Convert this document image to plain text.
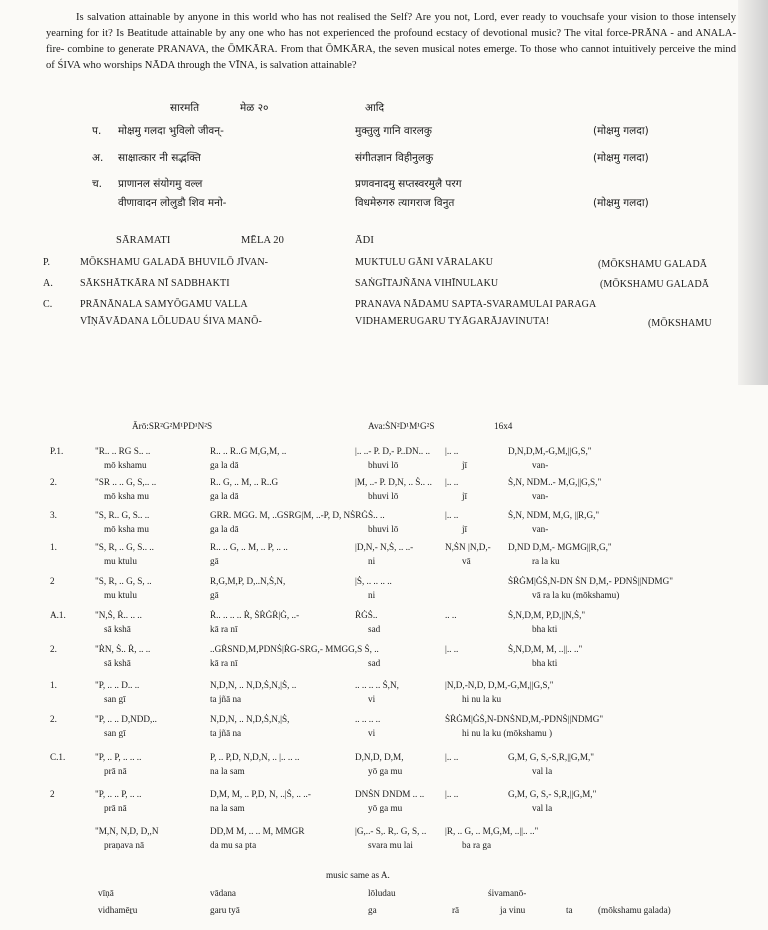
Is salvation attainable by anyone in this world who has not realised the Self? Are you not, Lord, ever ready to vouchsafe your vision to those intensely yearning for it? Is Beatitude attainable by any one who has not experienced the profound ecstacy of devotional music? The vital force-PRĀNA - and ANALA- fire- combine to generate PRANAVA, the ŌMKĀRA. From that ŌMKĀRA, the seven musical notes emerge. To those who cannot intuitively perceive the mind of ŚIVA who worships NĀDA through the VĪNA, is salvation attainable?

सारमति	मेळ २०	आदि
प. मोक्षमु गलदा भुविलो जीवन्-	मुक्तुलु गानि वारलकु	(मोक्षमु गलदा)
अ. साक्षात्कार नी सद्भक्ति	संगीतज्ञान विहीनुलकु	(मोक्षमु गलदा)
च. प्राणानल संयोगमु वल्ल	प्रणवनादमु सप्तस्वरमुलै परग
वीणावादन लोलुडौ शिव मनो-	विधमेरुगरु त्यागराज विनुत	(मोक्षमु गलदा)
SĀRAMATI	MĒLA 20	ĀDI
P.	MŌKSHAMU GALADĀ BHUVILŌ JĪVAN-	MUKTULU GĀNI VĀRALAKU	(MŌKSHAMU GALADĀ
A.	SĀKSHĀTKĀRA NĪ SADBHAKTI	SAṄGĪTAJÑĀNA VIHĪNULAKU	(MŌKSHAMU GALADĀ
C.	PRĀNĀNALA SAMYŌGAMU VALLA	PRANAVA NĀDAMU SAPTA-SVARAMULAI PARAGA
VĪṆĀVĀDANA LŌLUDAU ŚIVA MANŌ-	VIDHAMERUGARU TYĀGARĀJAVINUTA!	(MŌKSHAMU
Ārō:SR²G²M¹PD¹N²S	Ava:ṠN²D¹M¹G²S	16x4
P.1.	"R.. .. RG S.. ..	R.. .. R..G M,G,M, ..	|.. ..- P. D,- P..DN.. .. |.. ..	D,N,D,M,-G,M,||G,S,"
mō kshamu	ga la dā	bhuvi lō	jī	van-
2.	"SR .. .. G, S,.. ..	R.. G, .. M, .. R..G	|M, ..- P. D,N, .. Ṡ.. .. |.. ..	Ṡ,N, NDM..- M,G,||G,S,"
mō ksha mu	ga la dā	bhuvi lō	jī	van-
3.	"S, R.. G, S.. ..	GRR. MGG. M, ..GSRG|M, ..-P, D, NṠRĠṠ.. ..	|.. ..	Ṡ,N, NDM, M,G, ||R,G,"
mō ksha mu	ga la dā	bhuvi lō	jī	van-
1.	"S, R, .. G, S.. ..	R.. .. G, .. M, .. P, .. ..	|D,N,- N,Ṡ, .. ..-	N,ṠN |N,D,- D,ND D,M,- MGMG||R,G,"
mu ktulu	gā	ni	vā	ra la ku
2	"S, R, .. G, S, ..	R,G,M,P, D,..N,Ṡ,N,	|Ṡ, .. .. .. ..	ṠṘĠM|ĠṠ,N-DN ṠN D,M,- PDNṠ||NDMG"
mu ktulu	gā	ni	vā ra la ku (mōkshamu)
A.1.	"N,Ṡ, Ṙ.. .. ..	Ṙ.. .. .. .. Ṙ, ṠṘĠṘ|Ġ, ..-	ṘĠṠ..	.. ..	Ṡ,N,D,M, P,D,||N,Ṡ,"
sā kshā	kā ra nī	sad	bha kti
2.	"ṘN, Ṡ.. Ṙ, .. ..	..GṘSND,M,PDNṠ|ṘG-SRG,- MMGG,S Ṡ, ..	|.. ..	Ṡ,N,D,M, M, ..||.. .."
sā kshā	kā ra nī	sad	bha kti
1.	"P, .. .. D.. ..	N,D,N, .. N,D,Ṡ,N,|Ṡ, ..	.. .. .. .. Ṡ,N,	|N,D,-N,D, D,M,-G,M,||G,S,"
san gī	ta jñā na	vi	hi nu la ku
2.	"P, .. .. D,NDD,..	N,D,N, .. N,D,Ṡ,N,|Ṡ,	.. .. .. ..	ṠṘĠM|ĠṠ,N-DNṠND,M,-PDNṠ||NDMG"
san gī	ta jñā na	vi	hi nu la ku (mōkshamu )
C.1.	"P, .. P, .. .. ..	P, .. P,D, N,D,N, .. |.. .. ..	D,N,D, D,M,	|.. ..	G,M, G, S,-S,R,||G,M,"
prā nā	na la sam	yō ga mu	val la
2	"P, .. .. P, .. ..	D,M, M, .. P,D, N, ..|Ṡ, .. ..-	DNṠN DNDM .. .. |.. ..	G,M, G, S,- S,R,||G,M,"
prā nā	na la sam	yō ga mu	val la
"M,N, N,D, D,,N	DD,M M, .. .. M, MMGR	|G,..- S,. R,. G, S, .. |R, .. G, .. M,G,M, ..||.. .."
praṇava nā	da mu sa pta	svara mu lai	ba ra ga
music same as A.
vīṇā	vādana	lōludau	śivamanō-
vidhamēṟu	garu tyā	ga	rā	ja vinu	ta	(mōkshamu galada)
